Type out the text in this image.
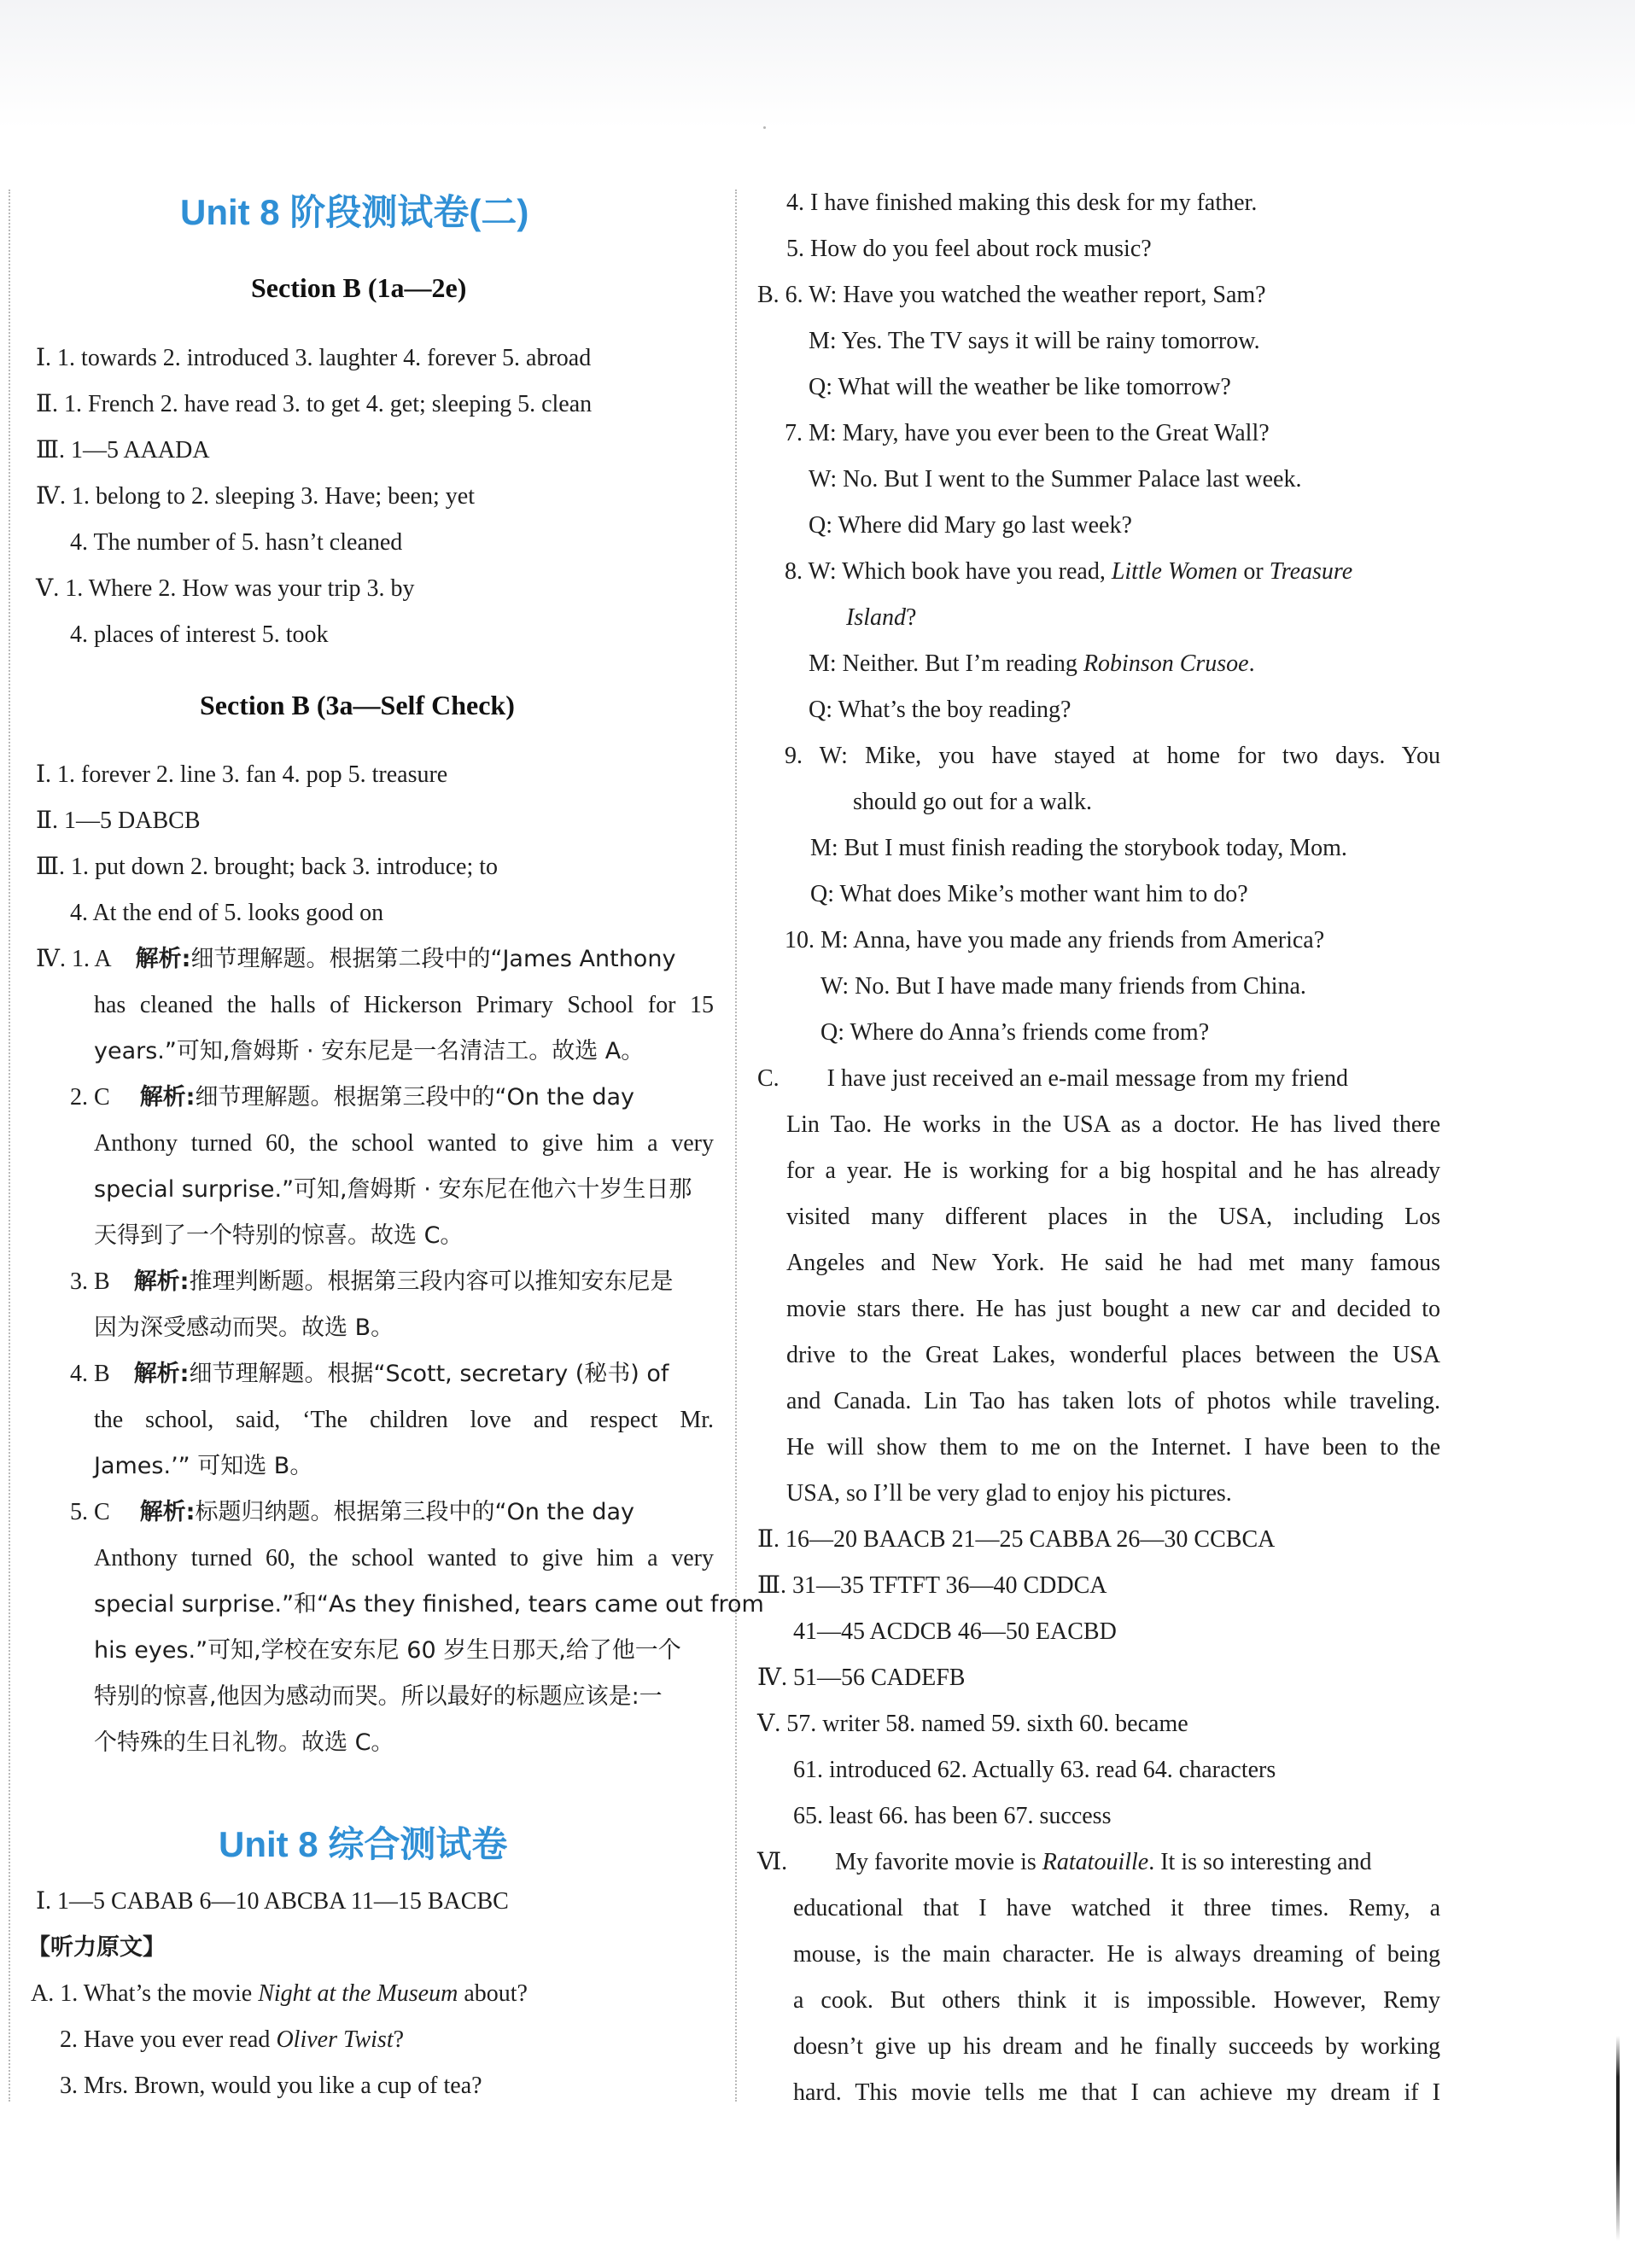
Unit 8 阶段测试卷(二)
Section B (1a—2e)
Ⅰ. 1. towards 2. introduced 3. laughter 4. forever 5. abroad
Ⅱ. 1. French 2. have read 3. to get 4. get; sleeping 5. clean
Ⅲ. 1—5 AAADA
Ⅳ. 1. belong to 2. sleeping 3. Have; been; yet
4. The number of 5. hasn’t cleaned
Ⅴ. 1. Where 2. How was your trip 3. by
4. places of interest 5. took
Section B (3a—Self Check)
Ⅰ. 1. forever 2. line 3. fan 4. pop 5. treasure
Ⅱ. 1—5 DABCB
Ⅲ. 1. put down 2. brought; back 3. introduce; to
4. At the end of 5. looks good on
Ⅳ. 1. A 解析:细节理解题。根据第二段中的“James Anthony
has cleaned the halls of Hickerson Primary School for 15
years.”可知,詹姆斯 · 安东尼是一名清洁工。故选 A。
2. C 解析:细节理解题。根据第三段中的“On the day
Anthony turned 60, the school wanted to give him a very
special surprise.”可知,詹姆斯 · 安东尼在他六十岁生日那
天得到了一个特别的惊喜。故选 C。
3. B 解析:推理判断题。根据第三段内容可以推知安东尼是
因为深受感动而哭。故选 B。
4. B 解析:细节理解题。根据“Scott, secretary (秘书) of
the school, said, ‘The children love and respect Mr.
James.’” 可知选 B。
5. C 解析:标题归纳题。根据第三段中的“On the day
Anthony turned 60, the school wanted to give him a very
special surprise.”和“As they finished, tears came out from
his eyes.”可知,学校在安东尼 60 岁生日那天,给了他一个
特别的惊喜,他因为感动而哭。所以最好的标题应该是:一
个特殊的生日礼物。故选 C。
Unit 8 综合测试卷
Ⅰ. 1—5 CABAB 6—10 ABCBA 11—15 BACBC
【听力原文】
A. 1. What’s the movie Night at the Museum about?
2. Have you ever read Oliver Twist?
3. Mrs. Brown, would you like a cup of tea?
4. I have finished making this desk for my father.
5. How do you feel about rock music?
B. 6. W: Have you watched the weather report, Sam?
M: Yes. The TV says it will be rainy tomorrow.
Q: What will the weather be like tomorrow?
7. M: Mary, have you ever been to the Great Wall?
W: No. But I went to the Summer Palace last week.
Q: Where did Mary go last week?
8. W: Which book have you read, Little Women or Treasure
Island?
M: Neither. But I’m reading Robinson Crusoe.
Q: What’s the boy reading?
9. W: Mike, you have stayed at home for two days. You
should go out for a walk.
M: But I must finish reading the storybook today, Mom.
Q: What does Mike’s mother want him to do?
10. M: Anna, have you made any friends from America?
W: No. But I have made many friends from China.
Q: Where do Anna’s friends come from?
C.        I have just received an e-mail message from my friend
Lin Tao. He works in the USA as a doctor. He has lived there
for a year. He is working for a big hospital and he has already
visited many different places in the USA, including Los
Angeles and New York. He said he had met many famous
movie stars there. He has just bought a new car and decided to
drive to the Great Lakes, wonderful places between the USA
and Canada. Lin Tao has taken lots of photos while traveling.
He will show them to me on the Internet. I have been to the
USA, so I’ll be very glad to enjoy his pictures.
Ⅱ. 16—20 BAACB 21—25 CABBA 26—30 CCBCA
Ⅲ. 31—35 TFTFT 36—40 CDDCA
41—45 ACDCB 46—50 EACBD
Ⅳ. 51—56 CADEFB
Ⅴ. 57. writer 58. named 59. sixth 60. became
61. introduced 62. Actually 63. read 64. characters
65. least 66. has been 67. success
Ⅵ.        My favorite movie is Ratatouille. It is so interesting and
educational that I have watched it three times. Remy, a
mouse, is the main character. He is always dreaming of being
a cook. But others think it is impossible. However, Remy
doesn’t give up his dream and he finally succeeds by working
hard. This movie tells me that I can achieve my dream if I
